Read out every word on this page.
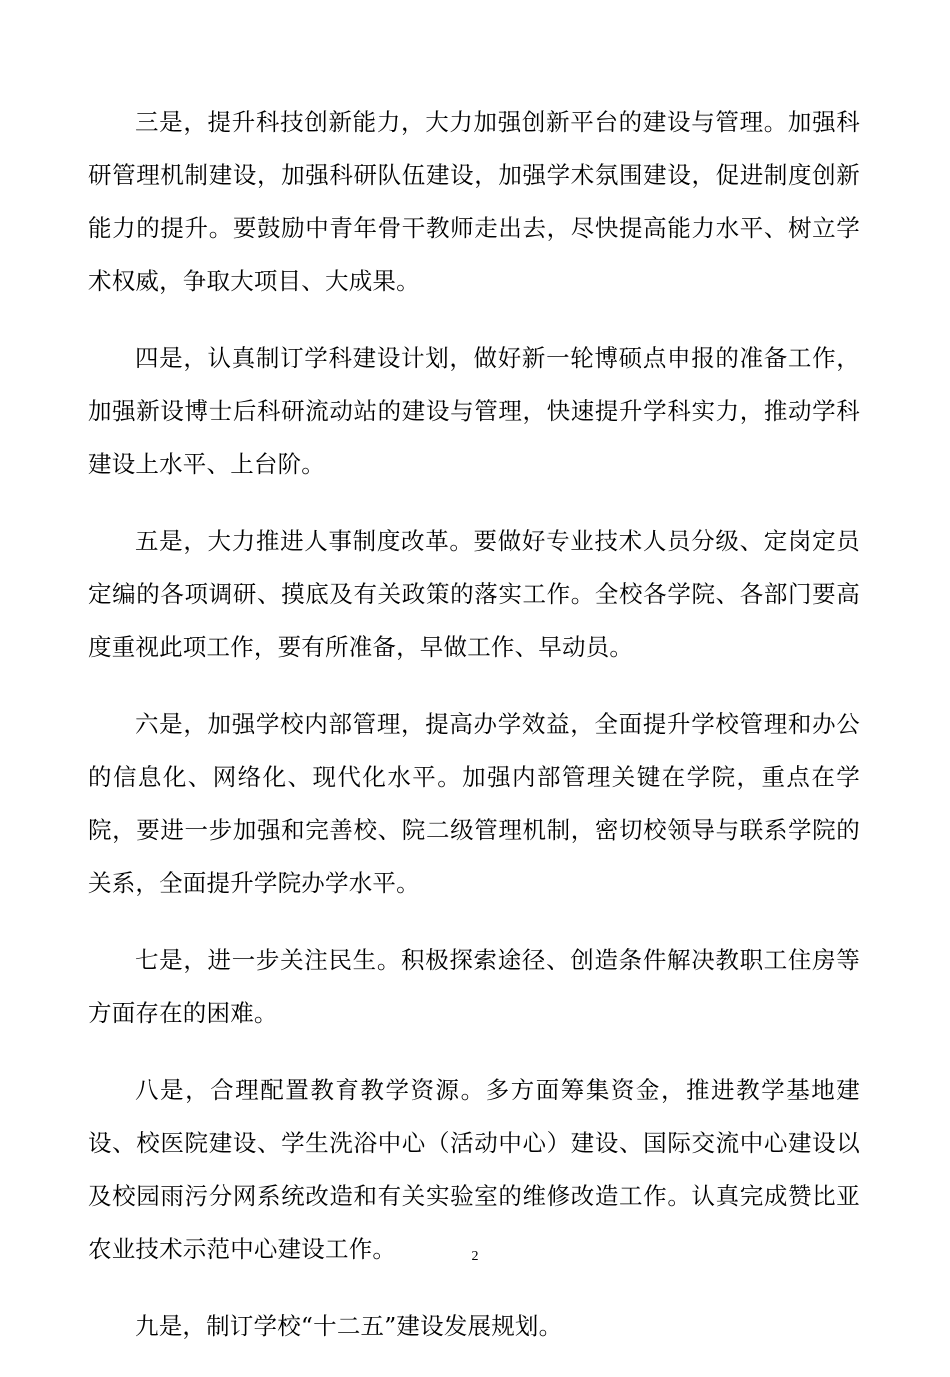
三是，提升科技创新能力，大力加强创新平台的建设与管理。加强科研管理机制建设，加强科研队伍建设，加强学术氛围建设，促进制度创新能力的提升。要鼓励中青年骨干教师走出去，尽快提高能力水平、树立学术权威，争取大项目、大成果。

四是，认真制订学科建设计划，做好新一轮博硕点申报的准备工作，加强新设博士后科研流动站的建设与管理，快速提升学科实力，推动学科建设上水平、上台阶。

五是，大力推进人事制度改革。要做好专业技术人员分级、定岗定员定编的各项调研、摸底及有关政策的落实工作。全校各学院、各部门要高度重视此项工作，要有所准备，早做工作、早动员。

六是，加强学校内部管理，提高办学效益，全面提升学校管理和办公的信息化、网络化、现代化水平。加强内部管理关键在学院，重点在学院，要进一步加强和完善校、院二级管理机制，密切校领导与联系学院的关系，全面提升学院办学水平。

七是，进一步关注民生。积极探索途径、创造条件解决教职工住房等方面存在的困难。

八是，合理配置教育教学资源。多方面筹集资金，推进教学基地建设、校医院建设、学生洗浴中心（活动中心）建设、国际交流中心建设以及校园雨污分网系统改造和有关实验室的维修改造工作。认真完成赞比亚农业技术示范中心建设工作。

九是，制订学校“十二五”建设发展规划。

2
